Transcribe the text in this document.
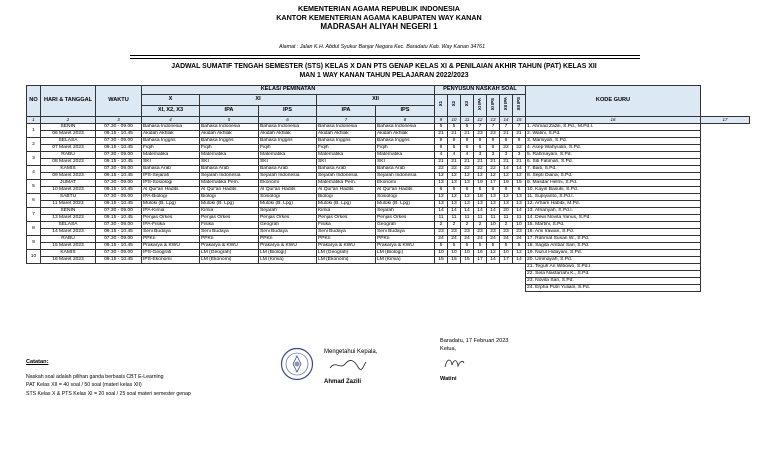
KEMENTERIAN AGAMA REPUBLIK INDONESIA
KANTOR KEMENTERIAN AGAMA KABUPATEN WAY KANAN
MADRASAH ALIYAH NEGERI 1
Alamat : Jalan K.H. Abdul Syukur Banjar Negara Kec. Baradatu Kab. Way Kanan 34761
JADWAL SUMATIF TENGAH SEMESTER (STS) KELAS X DAN PTS GENAP KELAS XI & PENILAIAN AKHIR TAHUN (PAT) KELAS XII
MAN 1 WAY KANAN TAHUN PELAJARAN 2022/2023
NO	HARI & TANGGAL	WAKTU	KELAS/ PEMINATAN					PENYUSUN NASKAH SOAL							KODE GURU	
			X	XI		XII		X1	X2	X3	XI IPA	XI IPS	XII IPA	XII IPS		
			XI, X2, X3	IPA	IPS	IPA	IPS									
1	2	3	4	5	6	7	8	9	10	11	12	13	14	15	16	17
1	SENIN	07.30 - 09.00	Bahasa Indonesia	Bahasa Indonesia	Bahasa Indonesia	Bahasa Indonesia	Bahasa Indonesia	5	5	5	7	7	7	7	1. Ahmad Zazili, S.Pd., M.Pd.I.	
	06 Maret 2023	09.15 - 10.45	Akidah Akhlak	Akidah Akhlak	Akidah Akhlak	Akidah Akhlak	Akidah Akhlak	21	21	21	23	23	21	21	2. Watini, S.Pd.	
2	SELASA	07.30 - 09.00	Bahasa Inggris	Bahasa Inggris	Bahasa Inggris	Bahasa Inggris	Bahasa Inggris	9	9	9	9	9	9	9	3. Marsiyah, S.Pd.	
	07 Maret 2023	09.15 - 10.45	Fiqih	Fiqih	Fiqih	Fiqih	Fiqih	6	6	6	6	6	22	22	4. Asep Wahyudin, S.Pd.	
3	RABU	07.30 - 09.00	Matematika	Matematika	Matematika	Matematika	Matematika	4	4	4	3	3	3	3	5. Rahmayani, S.Pd.	
	08 Maret 2023	09.15 - 10.45	SKI	SKI	SKI	SKI	SKI	21	21	21	21	21	21	21	6. Siti Fatimah, S.Pd.	
4	KAMIS	07.30 - 09.00	Bahasa Arab	Bahasa Arab	Bahasa Arab	Bahasa Arab	Bahasa Arab	22	22	22	22	22	14	14	7. Baiti, S.Pd.	
	09 Maret 2023	09.15 - 10.45	IPS-Sejarah	Sejarah Indonesia	Sejarah Indonesia	Sejarah Indonesia	Sejarah Indonesia	12	12	12	12	12	12	12	8. Septi Diana, S.Pd.	
5	JUMAT	07.30 - 09.00	IPS-Sosiologi	Matematika Pem.	Ekonomi	Matematika Pem.	Ekonomi	13	13	13	19	17	19	15	9. Masdar Helmi, S.Pd.	
	10 Maret 2023	09.15 - 10.45	Al Qur'an Hadits	Al Qur'an Hadits	Al Qur'an Hadits	Al Qur'an Hadits	Al Qur'an Hadits	6	6	6	6	6	6	6	10. Kayin Basuki, S.Pd.	
6	SABTU	07.30 - 09.00	IPA-Biologi	Biologi	Sosiologi	Biologi	Sosiologi	12	12	12	18	13	12	13	11. Supiyanto, S.Pd.I.	
	11 Maret 2023	09.15 - 10.45	Muloki (B. Lpg)	Muloki (B. Lpg)	Muloki (B. Lpg)	Muloki (B. Lpg)	Muloki (B. Lpg)	13	13	13	13	13	13	13	12. Arham Habibi, M.Pd.	
7	SENIN	07.30 - 09.00	IPA-Kimia	Kimia	Sejarah	Kimia	Sejarah	14	14	14	14	14	20	14	13. Afrianyah, S.Pd.I.	
	13 Maret 2023	09.15 - 10.45	Penjas Orkes	Penjas Orkes	Penjas Orkes	Penjas Orkes	Penjas Orkes	11	11	11	11	11	11	11	14. Dewi Novita Yanus, S.Pd.	
8	SELASA	07.30 - 09.00	IPA-Fisika	Fisika	Geografi	Fisika	Geografi	2	2	2	2	10	2	10	15. Martini, S.Pd.	
	14 Maret 2023	09.15 - 10.45	Seni Budaya	Seni Budaya	Seni Budaya	Seni Budaya	Seni Budaya	23	23	23	23	23	23	23	16. Ami Irawan, S.Pd.	
9	RABU	07.30 - 09.00	PPKn	PPKn	PPKn	PPKn	PPKn	24	24	24	24	24	24	24	17. Rahmat Susan W., S.Pd.	
	15 Maret 2023	09.15 - 10.45	Prakarya & KWU	Prakarya & KWU	Prakarya & KWU	Prakarya & KWU	Prakarya & KWU	5	5	5	5	5	5	5	18. Sagita Ambar Sari, S.Pd.	
10	KAMIS	07.30 - 09.00	IPS-Geografi	LM (Geografi)	LM (Biologi)	LM (Geografi)	LM (Biologi)	10	10	10	16	12	10	12	19. Nurul Hidayani, S.Pd.	
	16 Maret 2023	09.15 - 10.45	IPS-Ekonomi	LM (Ekonomi)	LM (Kimia)	LM (Ekonomi)	LM (Kimia)	15	15	15	17	14	17	14	20. Ummayah, S.Pd.	
															21. Teguh Ari Wibowo, S.Pd.I.	
															22. Sela Nasfarrahi K., S.Pd.	
															23. Novita Sari, S.Pd.	
															24. Erpha Putri Yuliani, S.Pd.	
Catatan:
Naskah soal adalah pilihan ganda berbasis CBT E-Learning
PAT Kelas XII = 40 soal / 50 soal (materi kelas XII)
STS Kelas X & PTS Kelas XI = 20 soal / 25 soal materi semester genap
Mengetahui Kepala,
Ahmad Zazili
Baradatu, 17 Februari 2023
Ketua,
Watini
